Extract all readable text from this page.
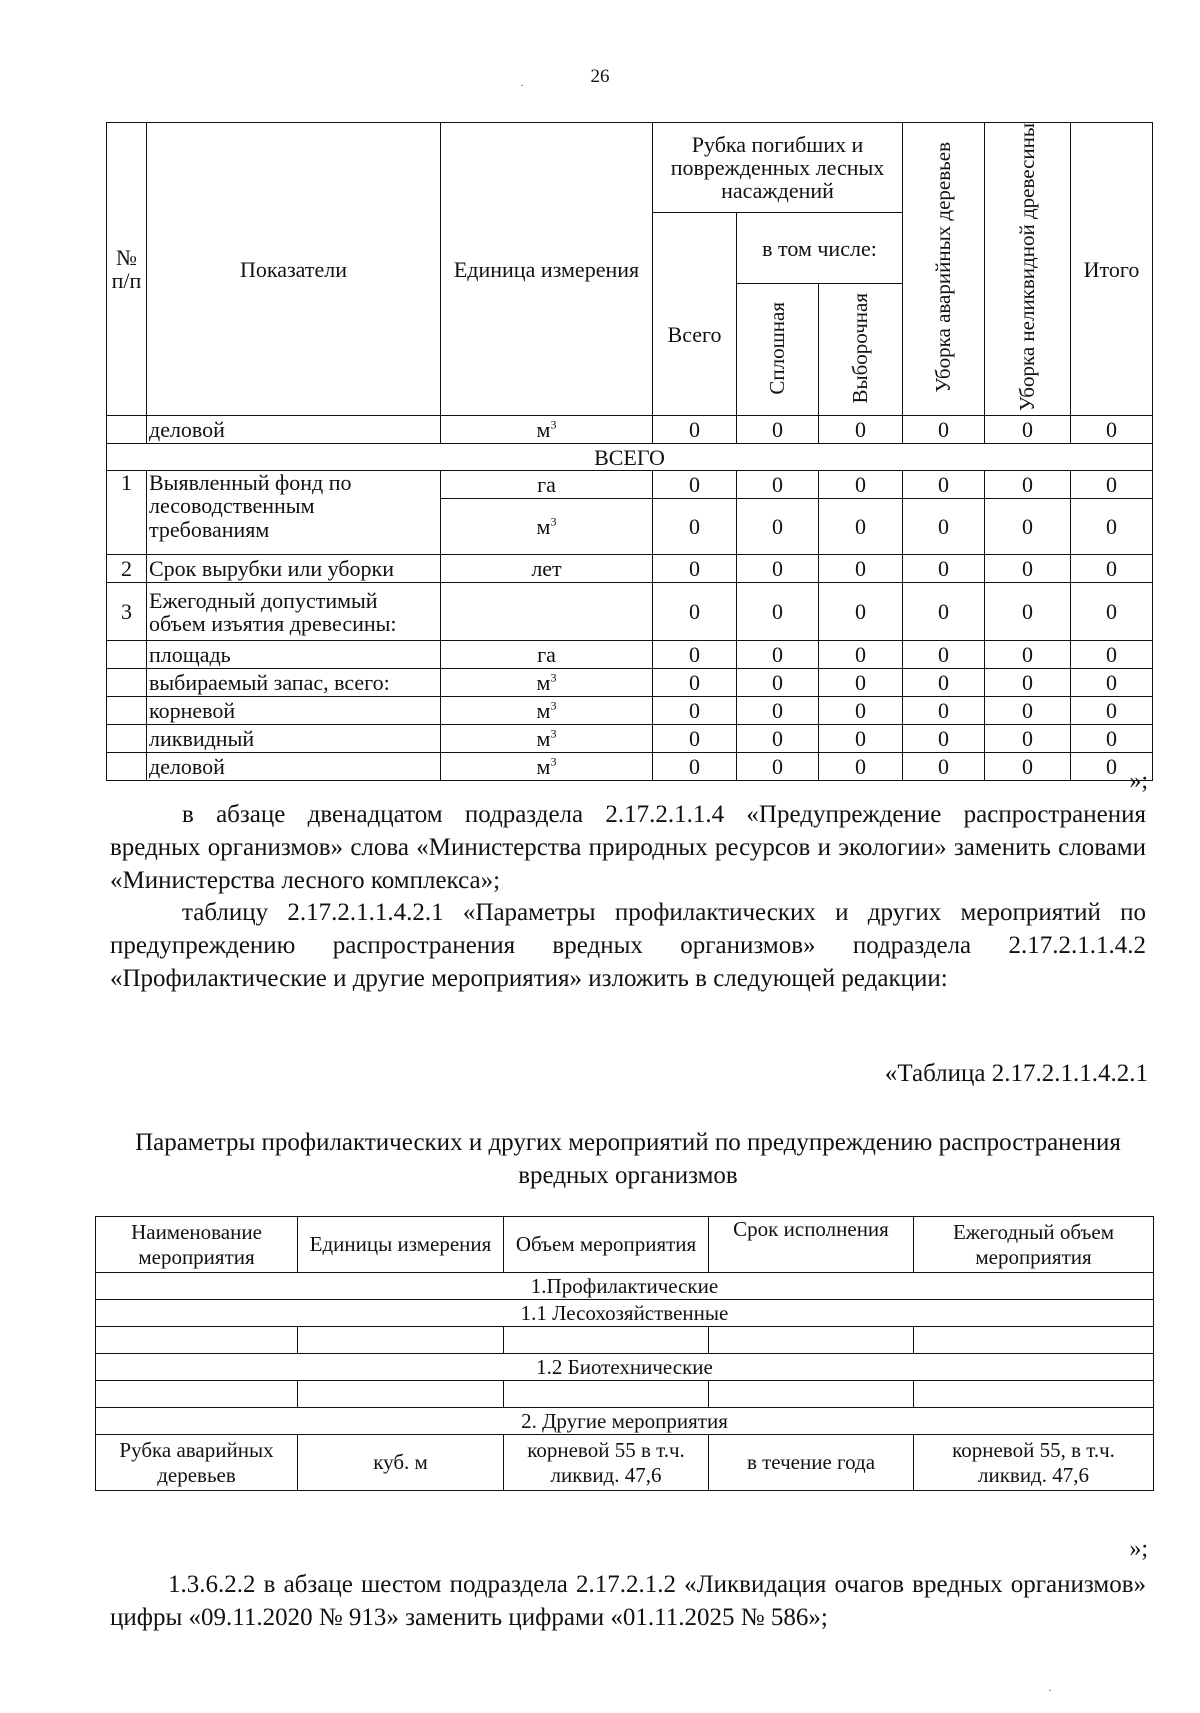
26
·
·
№ п/п	Показатели	Единица измерения	Рубка погибших и поврежденных лесных насаждений			Уборка аварийных деревьев	Уборка неликвидной древесины	Итого
			Всего	в том числе:				
				Сплошная	Выборочная			
	деловой	$м^3$	0	0	0	0	0	0
ВСЕГО								
1	Выявленный фонд по лесоводственным требованиям	га	0	0	0	0	0	0
		$м^3$	0	0	0	0	0	0
2	Срок вырубки или уборки	лет	0	0	0	0	0	0
3	Ежегодный допустимый объем изъятия древесины:		0	0	0	0	0	0
	площадь	га	0	0	0	0	0	0
	выбираемый запас, всего:	$м^3$	0	0	0	0	0	0
	корневой	$м^3$	0	0	0	0	0	0
	ликвидный	$м^3$	0	0	0	0	0	0
	деловой	$м^3$	0	0	0	0	0	0
»;
в абзаце двенадцатом подраздела 2.17.2.1.1.4 «Предупреждение распространения вредных организмов» слова «Министерства природных ресурсов и экологии» заменить словами «Министерства лесного комплекса»;
таблицу 2.17.2.1.1.4.2.1 «Параметры профилактических и других мероприятий по предупреждению распространения вредных организмов» подраздела 2.17.2.1.1.4.2 «Профилактические и другие мероприятия» изложить в следующей редакции:
«Таблица 2.17.2.1.1.4.2.1
Параметры профилактических и других мероприятий по предупреждению распространения вредных организмов
Наименование мероприятия	Единицы измерения	Объем мероприятия	Срок исполнения	Ежегодный объем мероприятия
1.Профилактические				
1.1 Лесохозяйственные				

1.2 Биотехнические				

2. Другие мероприятия				
Рубка аварийных деревьев	куб. м	корневой 55 в т.ч. ликвид. 47,6	в течение года	корневой 55, в т.ч. ликвид. 47,6
»;
1.3.6.2.2 в абзаце шестом подраздела 2.17.2.1.2 «Ликвидация очагов вредных организмов» цифры «09.11.2020 № 913» заменить цифрами «01.11.2025 № 586»;
